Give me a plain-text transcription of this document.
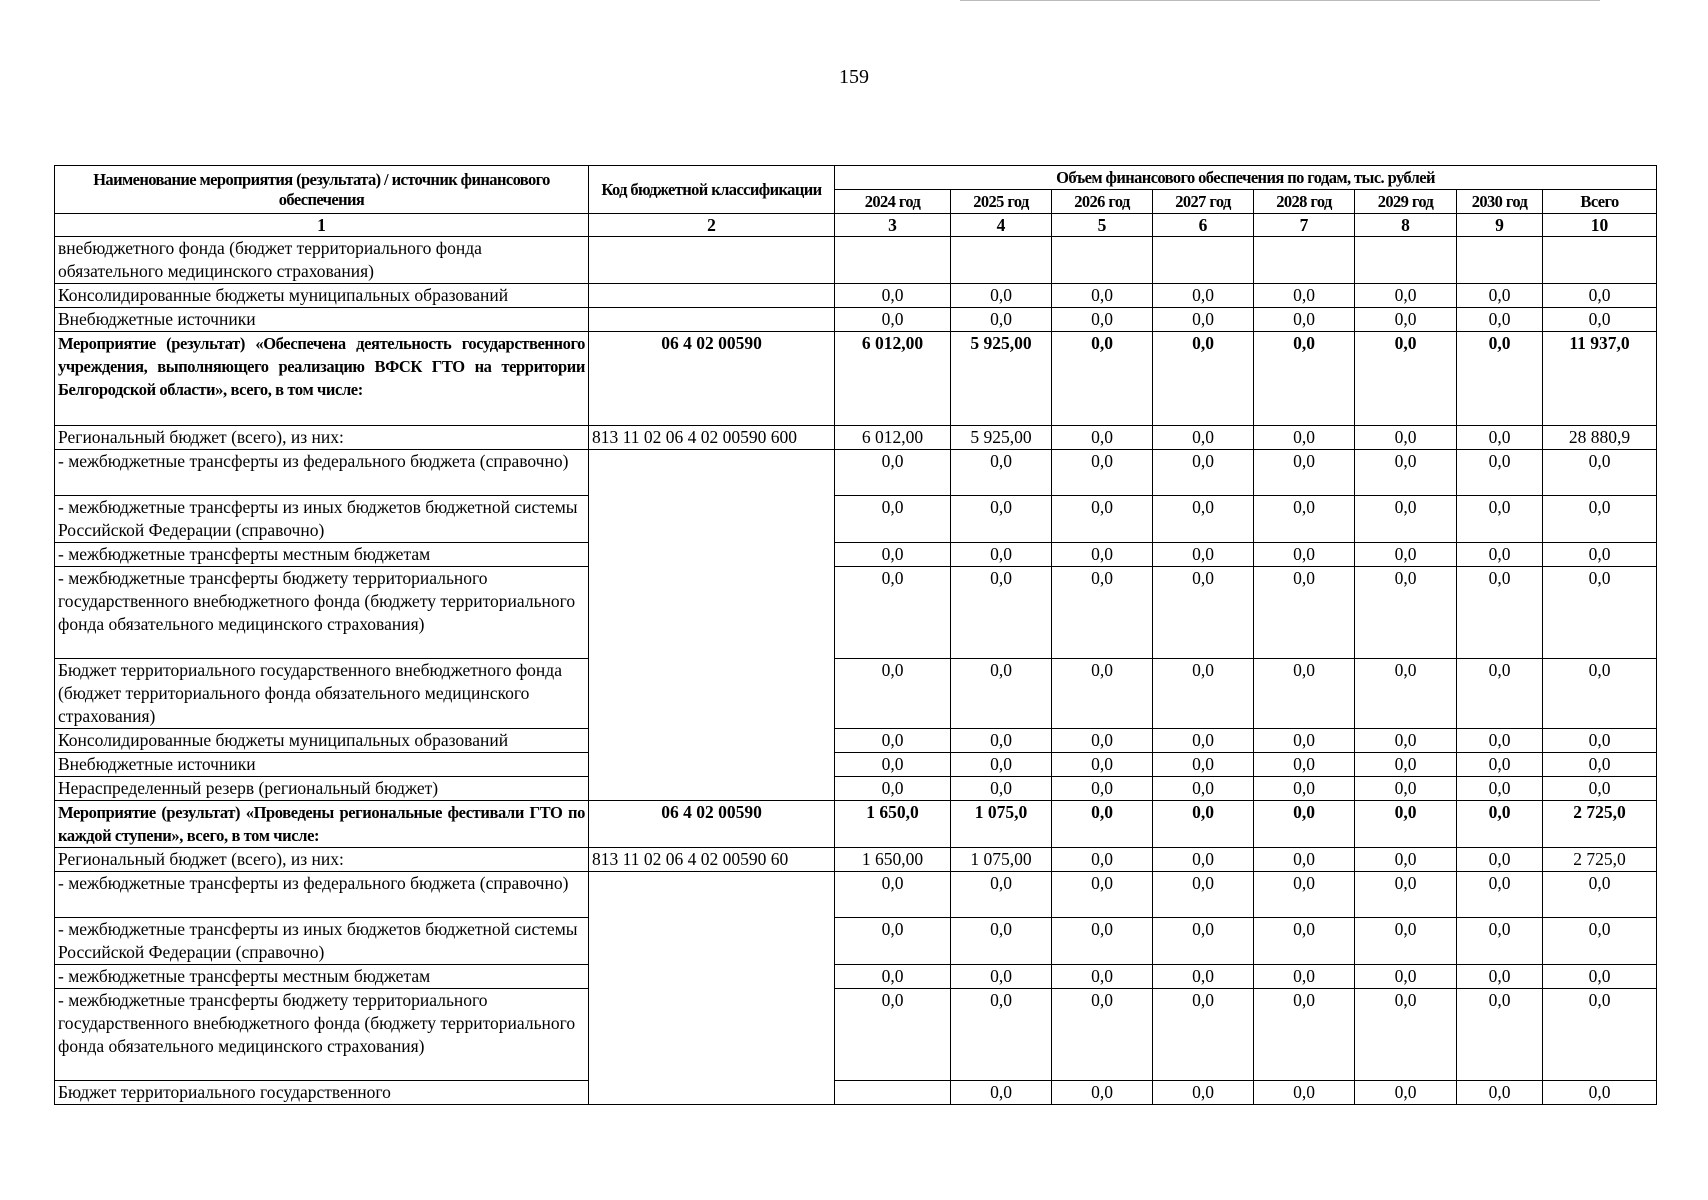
159
Наименование мероприятия (результата) / источник финансового обеспечения	Код бюджетной классификации	Объем финансового обеспечения по годам, тыс. рублей								
		2024 год	2025 год	2026 год	2027 год	2028 год	2029 год	2030 год	Всего	
1	2	3	4	5	6	7	8	9	10	
внебюджетного фонда (бюджет территориального фонда обязательного медицинского страхования)										
Консолидированные бюджеты муниципальных образований		0,0	0,0	0,0	0,0	0,0	0,0	0,0	0,0	
Внебюджетные источники		0,0	0,0	0,0	0,0	0,0	0,0	0,0	0,0	
Мероприятие (результат) «Обеспечена деятельность государственного учреждения, выполняющего реализацию ВФСК ГТО на территории Белгородской области», всего, в том числе:	06 4 02 00590	6 012,00	5 925,00	0,0	0,0	0,0	0,0	0,0	11 937,0	
Региональный бюджет (всего), из них:	813 11 02 06 4 02 00590 600	6 012,00	5 925,00	0,0	0,0	0,0	0,0	0,0	28 880,9	
- межбюджетные трансферты из федерального бюджета (справочно)		0,0	0,0	0,0	0,0	0,0	0,0	0,0	0,0	
- межбюджетные трансферты из иных бюджетов бюджетной системы Российской Федерации (справочно)		0,0	0,0	0,0	0,0	0,0	0,0	0,0	0,0	
- межбюджетные трансферты местным бюджетам		0,0	0,0	0,0	0,0	0,0	0,0	0,0	0,0	
- межбюджетные трансферты бюджету территориального государственного внебюджетного фонда (бюджету территориального фонда обязательного медицинского страхования)		0,0	0,0	0,0	0,0	0,0	0,0	0,0	0,0	
Бюджет территориального государственного внебюджетного фонда (бюджет территориального фонда обязательного медицинского страхования)		0,0	0,0	0,0	0,0	0,0	0,0	0,0	0,0	
Консолидированные бюджеты муниципальных образований		0,0	0,0	0,0	0,0	0,0	0,0	0,0	0,0	
Внебюджетные источники		0,0	0,0	0,0	0,0	0,0	0,0	0,0	0,0	
Нераспределенный резерв (региональный бюджет)		0,0	0,0	0,0	0,0	0,0	0,0	0,0	0,0	
Мероприятие (результат) «Проведены региональные фестивали ГТО по каждой ступени», всего, в том числе:	06 4 02 00590	1 650,0	1 075,0	0,0	0,0	0,0	0,0	0,0	2 725,0	
Региональный бюджет (всего), из них:	813 11 02 06 4 02 00590 60	1 650,00	1 075,00	0,0	0,0	0,0	0,0	0,0	2 725,0	
- межбюджетные трансферты из федерального бюджета (справочно)		0,0	0,0	0,0	0,0	0,0	0,0	0,0	0,0	
- межбюджетные трансферты из иных бюджетов бюджетной системы Российской Федерации (справочно)		0,0	0,0	0,0	0,0	0,0	0,0	0,0	0,0	
- межбюджетные трансферты местным бюджетам		0,0	0,0	0,0	0,0	0,0	0,0	0,0	0,0	
- межбюджетные трансферты бюджету территориального государственного внебюджетного фонда (бюджету территориального фонда обязательного медицинского страхования)		0,0	0,0	0,0	0,0	0,0	0,0	0,0	0,0	
Бюджет территориального государственного			0,0	0,0	0,0	0,0	0,0	0,0	0,0	
